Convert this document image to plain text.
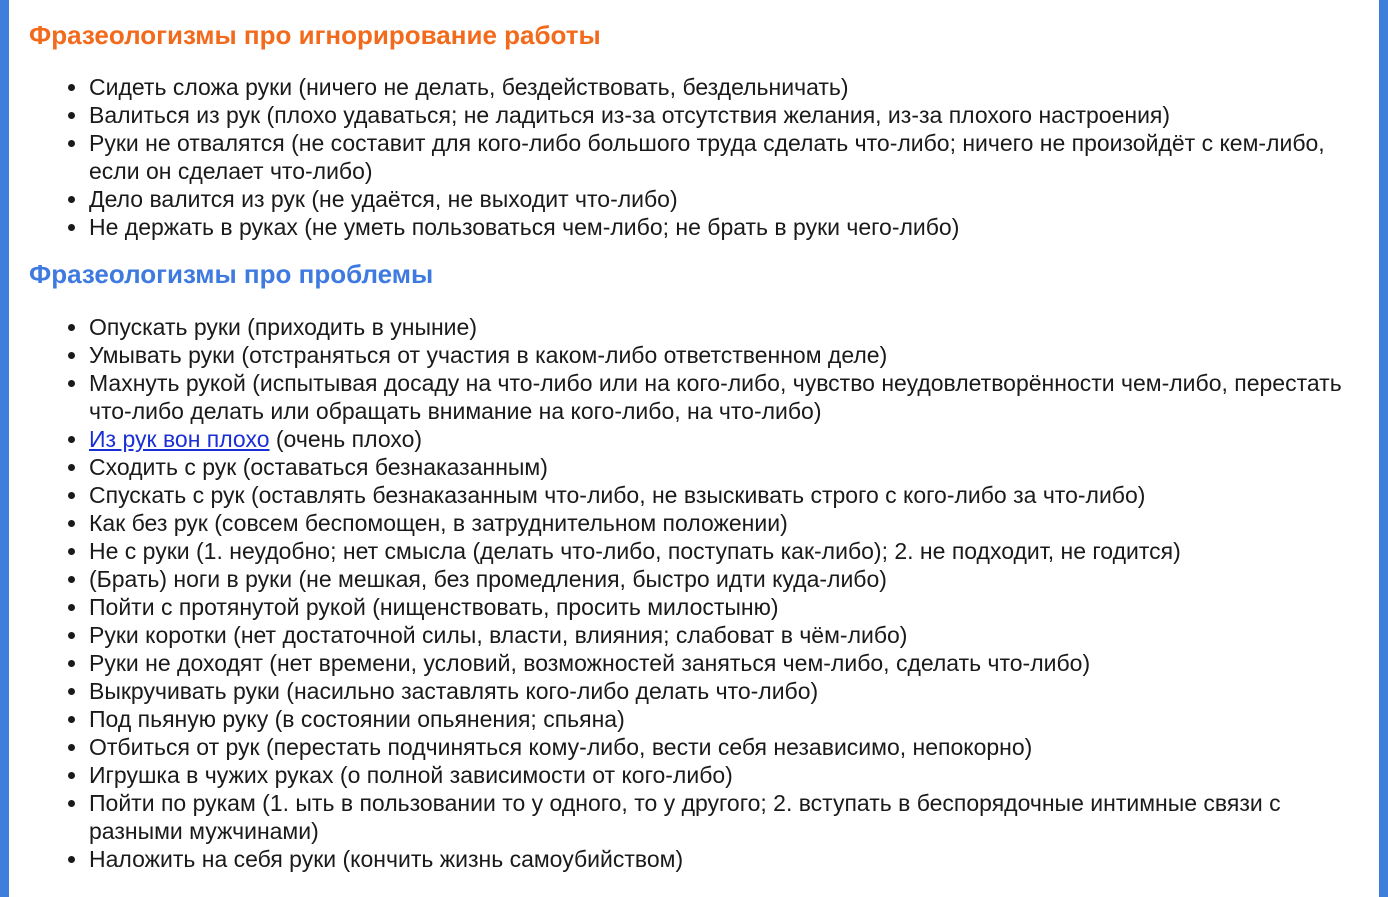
Фразеологизмы про игнорирование работы
• Сидеть сложа руки (ничего не делать, бездействовать, бездельничать)
• Валиться из рук (плохо удаваться; не ладиться из-за отсутствия желания, из-за плохого настроения)
• Руки не отвалятся (не составит для кого-либо большого труда сделать что-либо; ничего не произойдёт с кем-либо, если он сделает что-либо)
• Дело валится из рук (не удаётся, не выходит что-либо)
• Не держать в руках (не уметь пользоваться чем-либо; не брать в руки чего-либо)
Фразеологизмы про проблемы
• Опускать руки (приходить в уныние)
• Умывать руки (отстраняться от участия в каком-либо ответственном деле)
• Махнуть рукой (испытывая досаду на что-либо или на кого-либо, чувство неудовлетворённости чем-либо, перестать что-либо делать или обращать внимание на кого-либо, на что-либо)
• Из рук вон плохо (очень плохо)
• Сходить с рук (оставаться безнаказанным)
• Спускать с рук (оставлять безнаказанным что-либо, не взыскивать строго с кого-либо за что-либо)
• Как без рук (совсем беспомощен, в затруднительном положении)
• Не с руки (1. неудобно; нет смысла (делать что-либо, поступать как-либо); 2. не подходит, не годится)
• (Брать) ноги в руки (не мешкая, без промедления, быстро идти куда-либо)
• Пойти с протянутой рукой (нищенствовать, просить милостыню)
• Руки коротки (нет достаточной силы, власти, влияния; слабоват в чём-либо)
• Руки не доходят (нет времени, условий, возможностей заняться чем-либо, сделать что-либо)
• Выкручивать руки (насильно заставлять кого-либо делать что-либо)
• Под пьяную руку (в состоянии опьянения; спьяна)
• Отбиться от рук (перестать подчиняться кому-либо, вести себя независимо, непокорно)
• Игрушка в чужих руках (о полной зависимости от кого-либо)
• Пойти по рукам (1. ыть в пользовании то у одного, то у другого; 2. вступать в беспорядочные интимные связи с разными мужчинами)
• Наложить на себя руки (кончить жизнь самоубийством)
